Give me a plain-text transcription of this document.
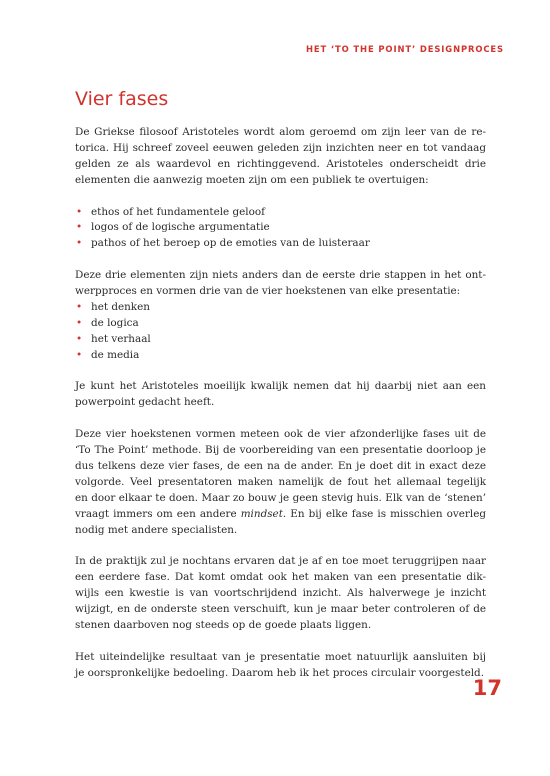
HET ‘TO THE POINT’ DESIGNPROCES
Vier fases

De Griekse filosoof Aristoteles wordt alom geroemd om zijn leer van de re-
torica. Hij schreef zoveel eeuwen geleden zijn inzichten neer en tot vandaag
gelden ze als waardevol en richtinggevend. Aristoteles onderscheidt drie
elementen die aanwezig moeten zijn om een publiek te overtuigen:

• ethos of het fundamentele geloof
• logos of de logische argumentatie
• pathos of het beroep op de emoties van de luisteraar

Deze drie elementen zijn niets anders dan de eerste drie stappen in het ont-
werpproces en vormen drie van de vier hoekstenen van elke presentatie:

• het denken
• de logica
• het verhaal
• de media

Je kunt het Aristoteles moeilijk kwalijk nemen dat hij daarbij niet aan een
powerpoint gedacht heeft.

Deze vier hoekstenen vormen meteen ook de vier afzonderlijke fases uit de
‘To The Point’ methode. Bij de voorbereiding van een presentatie doorloop je
dus telkens deze vier fases, de een na de ander. En je doet dit in exact deze
volgorde. Veel presentatoren maken namelijk de fout het allemaal tegelijk
en door elkaar te doen. Maar zo bouw je geen stevig huis. Elk van de ‘stenen’
vraagt immers om een andere mindset. En bij elke fase is misschien overleg
nodig met andere specialisten.

In de praktijk zul je nochtans ervaren dat je af en toe moet teruggrijpen naar
een eerdere fase. Dat komt omdat ook het maken van een presentatie dik-
wijls een kwestie is van voortschrijdend inzicht. Als halverwege je inzicht
wijzigt, en de onderste steen verschuift, kun je maar beter controleren of de
stenen daarboven nog steeds op de goede plaats liggen.

Het uiteindelijke resultaat van je presentatie moet natuurlijk aansluiten bij
je oorspronkelijke bedoeling. Daarom heb ik het proces circulair voorgesteld.

17
